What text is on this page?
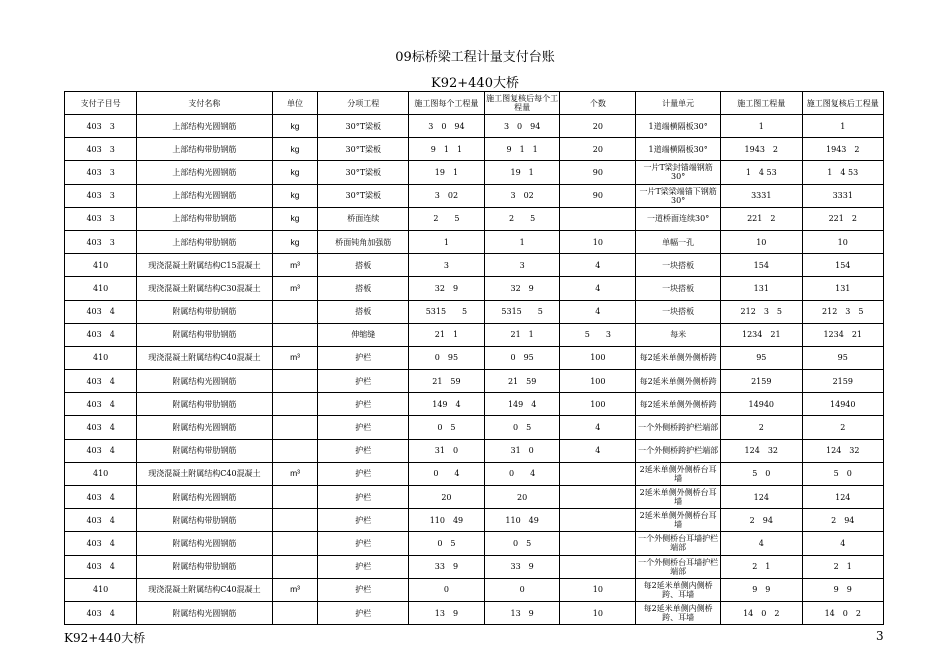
09标桥梁工程计量支付台账
K92+440大桥
支付子目号	支付名称	单位	分项工程	施工图每个工程量	施工图复核后每个工程量	个数	计量单元	施工图工程量	施工图复核后工程量
403　3	上部结构光圆钢筋	kg	30°T梁板	3　0　94	3　0　94	20	1道端横隔板30°	1	1
403　3	上部结构带肋钢筋	kg	30°T梁板	9　1　1	9　1　1	20	1道端横隔板30°	1943　2	1943　2
403　3	上部结构光圆钢筋	kg	30°T梁板	19　1	19　1	90	一片T梁封锚端钢筋30°	1　4 53	1　4 53
403　3	上部结构光圆钢筋	kg	30°T梁板	3　02	3　02	90	一片T梁梁端锚下钢筋30°	3331	3331
403　3	上部结构带肋钢筋	kg	桥面连续	2　　5	2　　5		一道桥面连续30°	221　2	221　2
403　3	上部结构带肋钢筋	kg	桥面钝角加强筋	1	1	10	单幅一孔	10	10
410	现浇混凝土附属结构C15混凝土	m³	搭板	3	3	4	一块搭板	154	154
410	现浇混凝土附属结构C30混凝土	m³	搭板	32　9	32　9	4	一块搭板	131	131
403　4	附属结构带肋钢筋		搭板	5315　　5	5315　　5	4	一块搭板	212　3　5	212　3　5
403　4	附属结构带肋钢筋		伸缩缝	21　1	21　1	5　　3	每米	1234　21	1234　21
410	现浇混凝土附属结构C40混凝土	m³	护栏	0　95	0　95	100	每2延米单侧外侧桥跨	95	95
403　4	附属结构光圆钢筋		护栏	21　59	21　59	100	每2延米单侧外侧桥跨	2159	2159
403　4	附属结构带肋钢筋		护栏	149　4	149　4	100	每2延米单侧外侧桥跨	14940	14940
403　4	附属结构光圆钢筋		护栏	0　5	0　5	4	一个外侧桥跨护栏端部	2	2
403　4	附属结构带肋钢筋		护栏	31　0	31　0	4	一个外侧桥跨护栏端部	124　32	124　32
410	现浇混凝土附属结构C40混凝土	m³	护栏	0　　4	0　　4		2延米单侧外侧桥台耳墙	5　0	5　0
403　4	附属结构光圆钢筋		护栏	20	20		2延米单侧外侧桥台耳墙	124	124
403　4	附属结构带肋钢筋		护栏	110　49	110　49		2延米单侧外侧桥台耳墙	2　94	2　94
403　4	附属结构光圆钢筋		护栏	0　5	0　5		一个外侧桥台耳墙护栏端部	4	4
403　4	附属结构带肋钢筋		护栏	33　9	33　9		一个外侧桥台耳墙护栏端部	2　1	2　1
410	现浇混凝土附属结构C40混凝土	m³	护栏	0	0	10	每2延米单侧内侧桥跨、耳墙	9　9	9　9
403　4	附属结构光圆钢筋		护栏	13　9	13　9	10	每2延米单侧内侧桥跨、耳墙	14　0　2	14　0　2
K92+440大桥	3
